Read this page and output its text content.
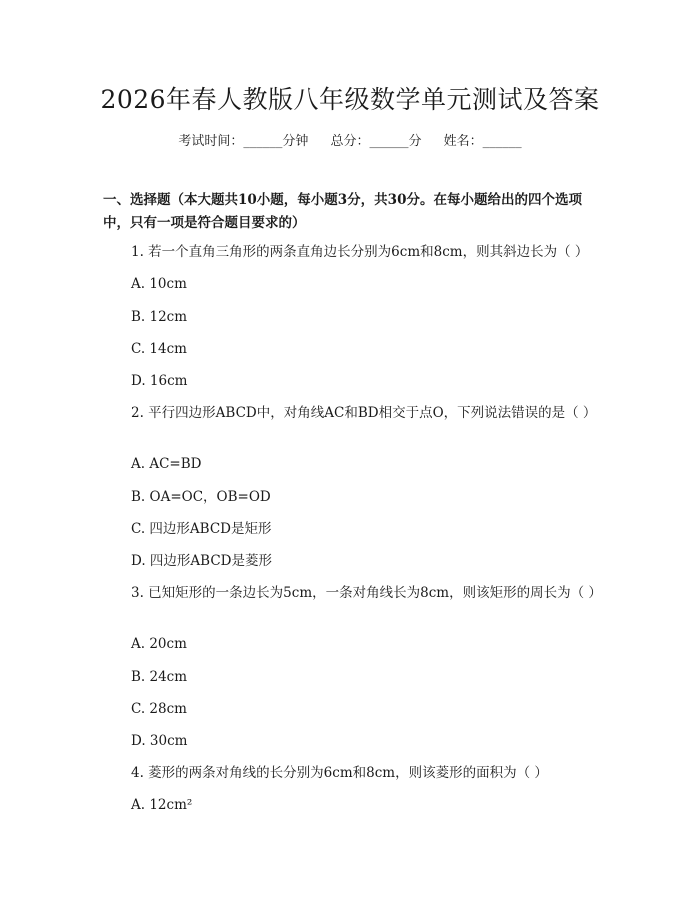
2026年春人教版八年级数学单元测试及答案
考试时间：______分钟 总分：______分 姓名：______
一、选择题（本大题共10小题，每小题3分，共30分。在每小题给出的四个选项中，只有一项是符合题目要求的）
1. 若一个直角三角形的两条直角边长分别为6cm和8cm，则其斜边长为（ ）
A. 10cm
B. 12cm
C. 14cm
D. 16cm
2. 平行四边形ABCD中，对角线AC和BD相交于点O，下列说法错误的是（ ）
A. AC=BD
B. OA=OC，OB=OD
C. 四边形ABCD是矩形
D. 四边形ABCD是菱形
3. 已知矩形的一条边长为5cm，一条对角线长为8cm，则该矩形的周长为（ ）
A. 20cm
B. 24cm
C. 28cm
D. 30cm
4. 菱形的两条对角线的长分别为6cm和8cm，则该菱形的面积为（ ）
A. 12cm²
